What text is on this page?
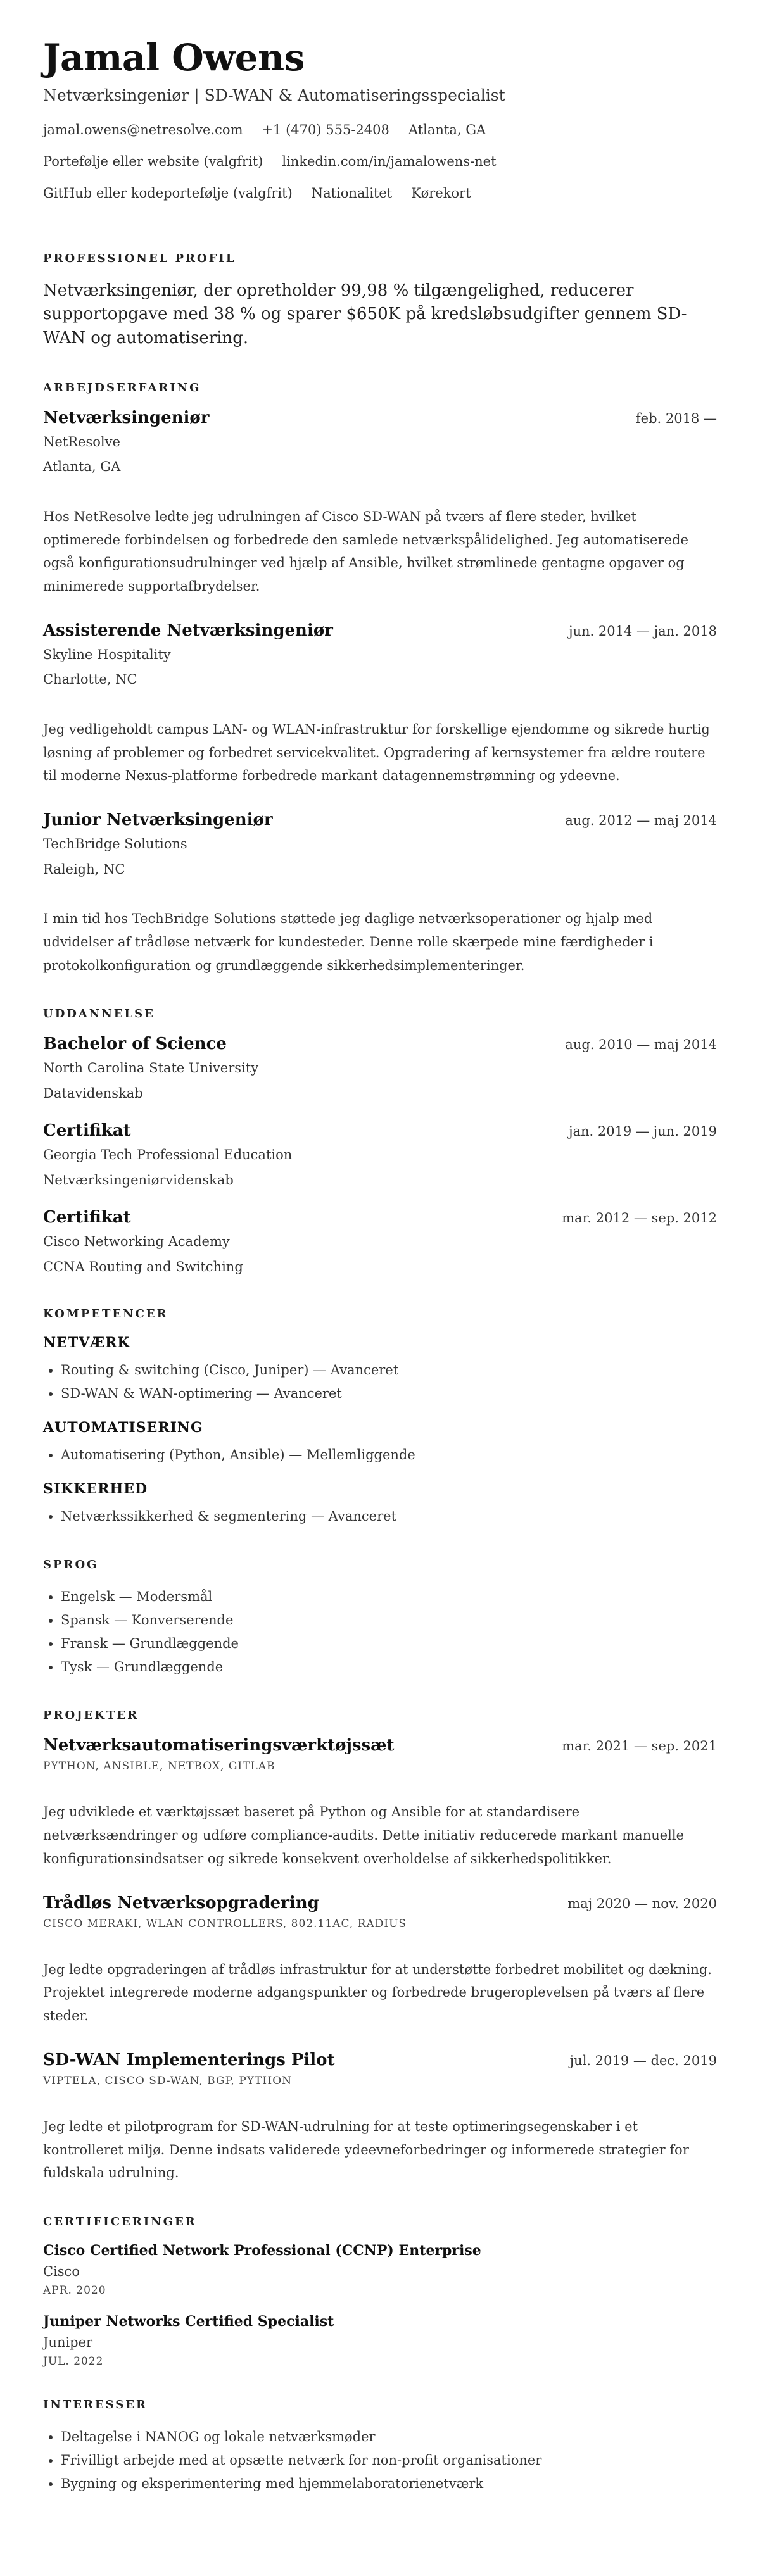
Jamal Owens
Netværksingeniør | SD-WAN & Automatiseringsspecialist
jamal.owens@netresolve.com +1 (470) 555-2408 Atlanta, GA
Portefølje eller website (valgfrit) linkedin.com/in/jamalowens-net
GitHub eller kodeportefølje (valgfrit) Nationalitet Kørekort
PROFESSIONEL PROFIL

Netværksingeniør, der opretholder 99,98 % tilgængelighed, reducerer supportopgave med 38 % og sparer $650K på kredsløbsudgifter gennem SD-WAN og automatisering.

ARBEJDSERFARING
Netværksingeniør	feb. 2018 —
NetResolve
Atlanta, GA
Hos NetResolve ledte jeg udrulningen af Cisco SD-WAN på tværs af flere steder, hvilket optimerede forbindelsen og forbedrede den samlede netværkspålidelighed. Jeg automatiserede også konfigurationsudrulninger ved hjælp af Ansible, hvilket strømlinede gentagne opgaver og minimerede supportafbrydelser.
Assisterende Netværksingeniør	jun. 2014 — jan. 2018
Skyline Hospitality
Charlotte, NC
Jeg vedligeholdt campus LAN- og WLAN-infrastruktur for forskellige ejendomme og sikrede hurtig løsning af problemer og forbedret servicekvalitet. Opgradering af kernsystemer fra ældre routere til moderne Nexus-platforme forbedrede markant datagennemstrømning og ydeevne.
Junior Netværksingeniør	aug. 2012 — maj 2014
TechBridge Solutions
Raleigh, NC
I min tid hos TechBridge Solutions støttede jeg daglige netværksoperationer og hjalp med udvidelser af trådløse netværk for kundesteder. Denne rolle skærpede mine færdigheder i protokolkonfiguration og grundlæggende sikkerhedsimplementeringer.
UDDANNELSE
Bachelor of Science	aug. 2010 — maj 2014
North Carolina State University
Datavidenskab
Certifikat	jan. 2019 — jun. 2019
Georgia Tech Professional Education
Netværksingeniørvidenskab
Certifikat	mar. 2012 — sep. 2012
Cisco Networking Academy
CCNA Routing and Switching
KOMPETENCER
NETVÆRK
• Routing & switching (Cisco, Juniper) — Avanceret
• SD-WAN & WAN-optimering — Avanceret
AUTOMATISERING
• Automatisering (Python, Ansible) — Mellemliggende
SIKKERHED
• Netværkssikkerhed & segmentering — Avanceret
SPROG
• Engelsk — Modersmål
• Spansk — Konverserende
• Fransk — Grundlæggende
• Tysk — Grundlæggende
PROJEKTER
Netværksautomatiseringsværktøjssæt	mar. 2021 — sep. 2021
PYTHON, ANSIBLE, NETBOX, GITLAB
Jeg udviklede et værktøjssæt baseret på Python og Ansible for at standardisere netværksændringer og udføre compliance-audits. Dette initiativ reducerede markant manuelle konfigurationsindsatser og sikrede konsekvent overholdelse af sikkerhedspolitikker.
Trådløs Netværksopgradering	maj 2020 — nov. 2020
CISCO MERAKI, WLAN CONTROLLERS, 802.11AC, RADIUS
Jeg ledte opgraderingen af trådløs infrastruktur for at understøtte forbedret mobilitet og dækning. Projektet integrerede moderne adgangspunkter og forbedrede brugeroplevelsen på tværs af flere steder.
SD-WAN Implementerings Pilot	jul. 2019 — dec. 2019
VIPTELA, CISCO SD-WAN, BGP, PYTHON
Jeg ledte et pilotprogram for SD-WAN-udrulning for at teste optimeringsegenskaber i et kontrolleret miljø. Denne indsats validerede ydeevneforbedringer og informerede strategier for fuldskala udrulning.
CERTIFICERINGER
Cisco Certified Network Professional (CCNP) Enterprise
Cisco
APR. 2020
Juniper Networks Certified Specialist
Juniper
JUL. 2022
INTERESSER
• Deltagelse i NANOG og lokale netværksmøder
• Frivilligt arbejde med at opsætte netværk for non-profit organisationer
• Bygning og eksperimentering med hjemmelaboratorienetværk
